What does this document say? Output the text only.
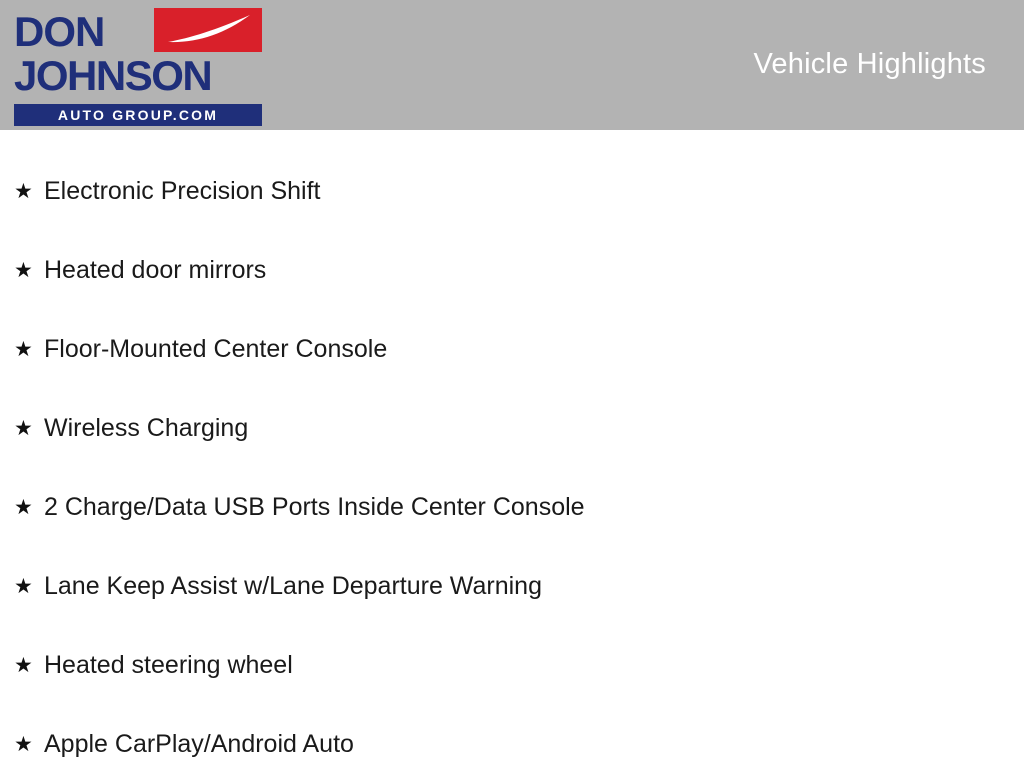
DON
JOHNSON
AUTO GROUP.COM
Vehicle Highlights
★ Electronic Precision Shift
★ Heated door mirrors
★ Floor-Mounted Center Console
★ Wireless Charging
★ 2 Charge/Data USB Ports Inside Center Console
★ Lane Keep Assist w/Lane Departure Warning
★ Heated steering wheel
★ Apple CarPlay/Android Auto
